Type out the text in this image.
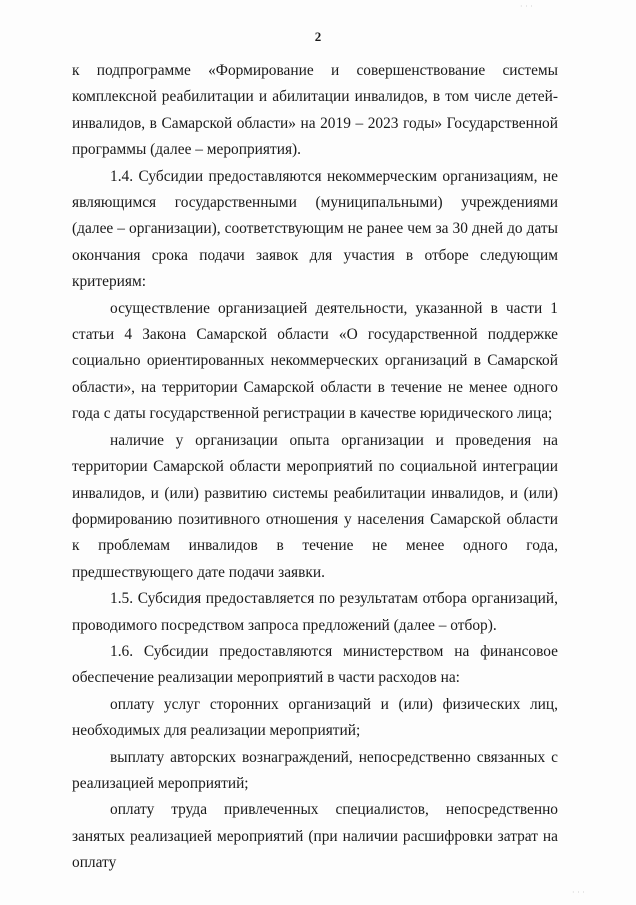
2

к подпрограмме «Формирование и совершенствование системы комплексной реабилитации и абилитации инвалидов, в том числе детей-инвалидов, в Самарской области» на 2019 – 2023 годы» Государственной программы (далее – мероприятия).

1.4. Субсидии предоставляются некоммерческим организациям, не являющимся государственными (муниципальными) учреждениями (далее – организации), соответствующим не ранее чем за 30 дней до даты окончания срока подачи заявок для участия в отборе следующим критериям:

осуществление организацией деятельности, указанной в части 1 статьи 4 Закона Самарской области «О государственной поддержке социально ориентированных некоммерческих организаций в Самарской области», на территории Самарской области в течение не менее одного года с даты государственной регистрации в качестве юридического лица;

наличие у организации опыта организации и проведения на территории Самарской области мероприятий по социальной интеграции инвалидов, и (или) развитию системы реабилитации инвалидов, и (или) формированию позитивного отношения у населения Самарской области к проблемам инвалидов в течение не менее одного года, предшествующего дате подачи заявки.

1.5. Субсидия предоставляется по результатам отбора организаций, проводимого посредством запроса предложений (далее – отбор).

1.6. Субсидии предоставляются министерством на финансовое обеспечение реализации мероприятий в части расходов на:

оплату услуг сторонних организаций и (или) физических лиц, необходимых для реализации мероприятий;

выплату авторских вознаграждений, непосредственно связанных с реализацией мероприятий;

оплату труда привлеченных специалистов, непосредственно занятых реализацией мероприятий (при наличии расшифровки затрат на оплату

· · ·
· · ·
